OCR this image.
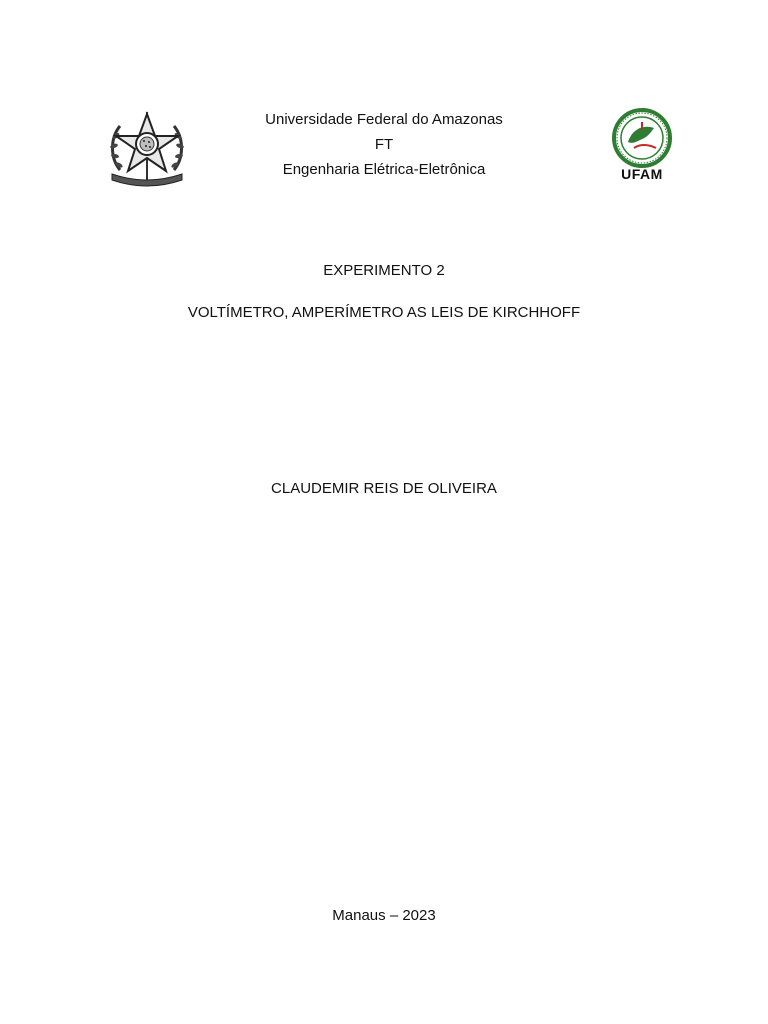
Universidade Federal do Amazonas
FT
Engenharia Elétrica-Eletrônica	UFAM
EXPERIMENTO 2
VOLTÍMETRO, AMPERÍMETRO AS LEIS DE KIRCHHOFF
CLAUDEMIR REIS DE OLIVEIRA
Manaus – 2023
